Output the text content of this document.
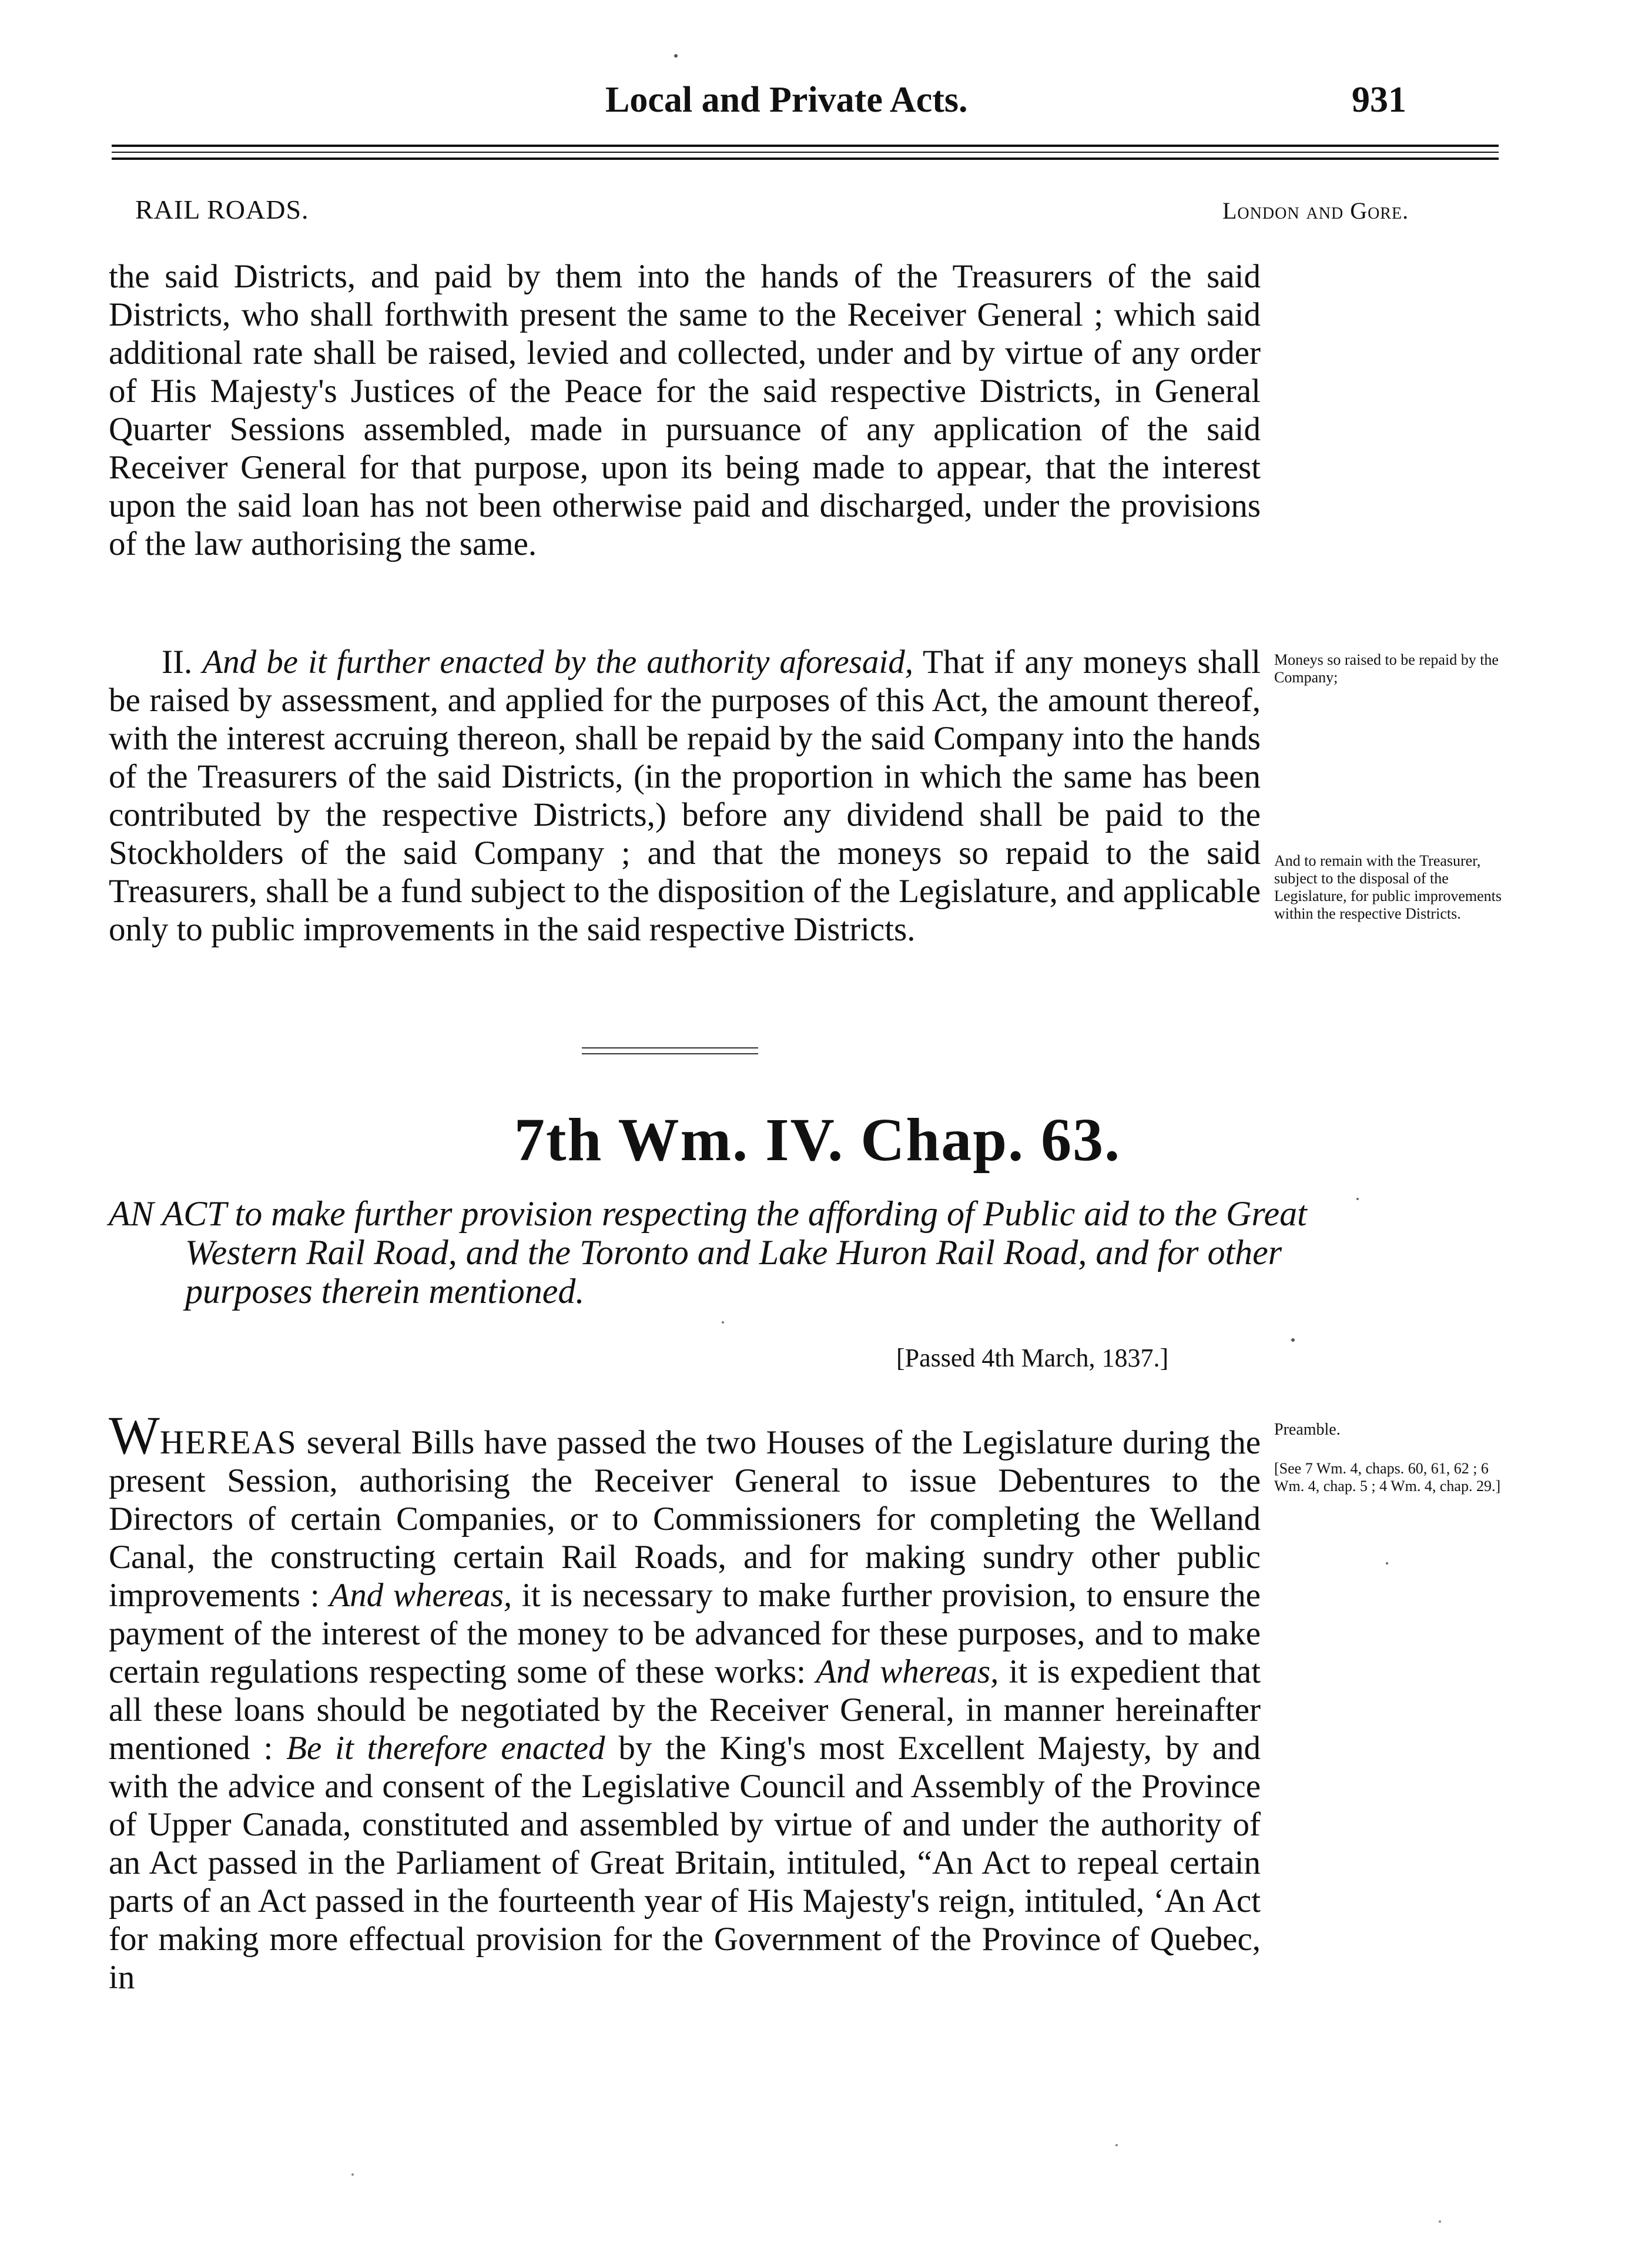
Local and Private Acts.	931
RAIL ROADS.	London and Gore.

the said Districts, and paid by them into the hands of the Treasurers of the said Districts, who shall forthwith present the same to the Receiver General ; which said additional rate shall be raised, levied and collected, under and by virtue of any order of His Majesty's Justices of the Peace for the said respective Districts, in General Quarter Sessions assembled, made in pursuance of any application of the said Receiver General for that purpose, upon its being made to appear, that the interest upon the said loan has not been otherwise paid and discharged, under the provisions of the law authorising the same.

II. And be it further enacted by the authority aforesaid, That if any moneys shall be raised by assessment, and applied for the purposes of this Act, the amount thereof, with the interest accruing thereon, shall be repaid by the said Company into the hands of the Treasurers of the said Districts, (in the proportion in which the same has been contributed by the respective Districts,) before any dividend shall be paid to the Stockholders of the said Company ; and that the moneys so repaid to the said Treasurers, shall be a fund subject to the disposition of the Legislature, and applicable only to public improvements in the said respective Districts.

Moneys so raised to be repaid by the Company;

And to remain with the Treasurer, subject to the disposal of the Legislature, for public improvements within the respective Districts.

7th Wm. IV. Chap. 63.

AN ACT to make further provision respecting the affording of Public aid to the Great Western Rail Road, and the Toronto and Lake Huron Rail Road, and for other purposes therein mentioned.

[Passed 4th March, 1837.]

WHEREAS several Bills have passed the two Houses of the Legislature during the present Session, authorising the Receiver General to issue Debentures to the Directors of certain Companies, or to Commissioners for completing the Welland Canal, the constructing certain Rail Roads, and for making sundry other public improvements : And whereas, it is necessary to make further provision, to ensure the payment of the interest of the money to be advanced for these purposes, and to make certain regulations respecting some of these works: And whereas, it is expedient that all these loans should be negotiated by the Receiver General, in manner hereinafter mentioned : Be it therefore enacted by the King's most Excellent Majesty, by and with the advice and consent of the Legislative Council and Assembly of the Province of Upper Canada, constituted and assembled by virtue of and under the authority of an Act passed in the Parliament of Great Britain, intituled, “An Act to repeal certain parts of an Act passed in the fourteenth year of His Majesty's reign, intituled, ‘An Act for making more effectual provision for the Government of the Province of Quebec, in

Preamble.

[See 7 Wm. 4, chaps. 60, 61, 62 ; 6 Wm. 4, chap. 5 ; 4 Wm. 4, chap. 29.]
